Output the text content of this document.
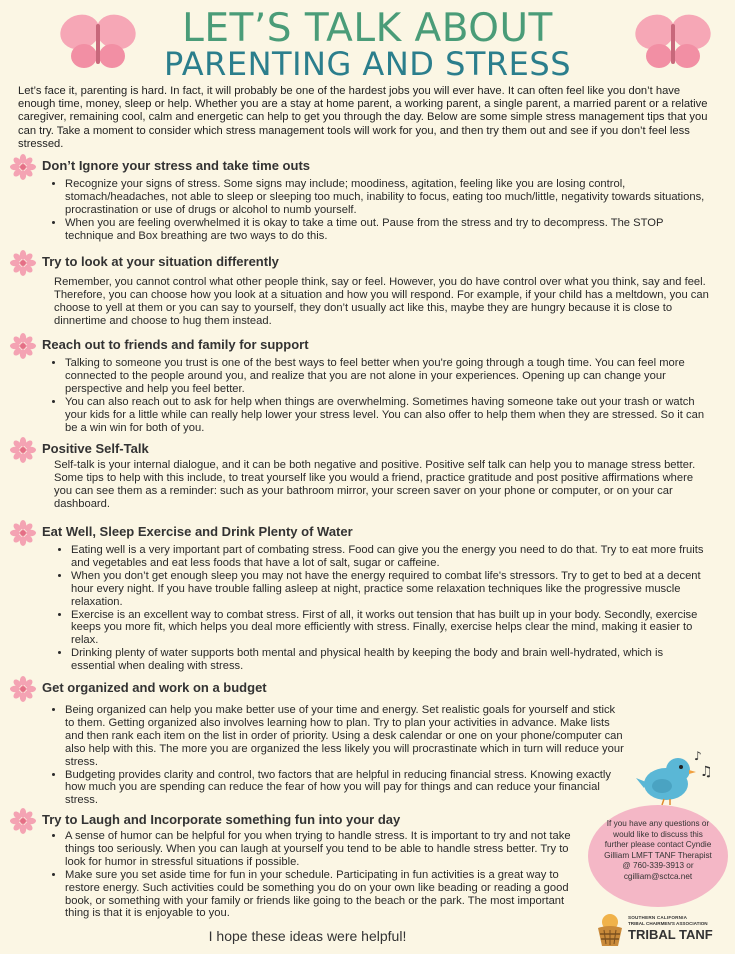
LET’S TALK ABOUT
PARENTING AND STRESS
Let’s face it, parenting is hard. In fact, it will probably be one of the hardest jobs you will ever have. It can often feel like you don’t have enough time, money, sleep or help. Whether you are a stay at home parent, a working parent, a single parent, a married parent or a relative caregiver, remaining cool, calm and energetic can help to get you through the day. Below are some simple stress management tips that you can try. Take a moment to consider which stress management tools will work for you, and then try them out and see if you don’t feel less stressed.
Don’t Ignore your stress and take time outs
• Recognize your signs of stress. Some signs may include; moodiness, agitation, feeling like you are losing control, stomach/headaches, not able to sleep or sleeping too much, inability to focus, eating too much/little, negativity towards situations, procrastination or use of drugs or alcohol to numb yourself.
• When you are feeling overwhelmed it is okay to take a time out. Pause from the stress and try to decompress. The STOP technique and Box breathing are two ways to do this.
Try to look at your situation differently

Remember, you cannot control what other people think, say or feel. However, you do have control over what you think, say and feel. Therefore, you can choose how you look at a situation and how you will respond. For example, if your child has a meltdown, you can choose to yell at them or you can say to yourself, they don’t usually act like this, maybe they are hungry because it is close to dinnertime and choose to hug them instead.

Reach out to friends and family for support
• Talking to someone you trust is one of the best ways to feel better when you're going through a tough time. You can feel more connected to the people around you, and realize that you are not alone in your experiences. Opening up can change your perspective and help you feel better.
• You can also reach out to ask for help when things are overwhelming. Sometimes having someone take out your trash or watch your kids for a little while can really help lower your stress level. You can also offer to help them when they are stressed. So it can be a win win for both of you.
Positive Self-Talk

Self-talk is your internal dialogue, and it can be both negative and positive. Positive self talk can help you to manage stress better. Some tips to help with this include, to treat yourself like you would a friend, practice gratitude and post positive affirmations where you can see them as a reminder: such as your bathroom mirror, your screen saver on your phone or computer, or on your car dashboard.

Eat Well, Sleep Exercise and Drink Plenty of Water
• Eating well is a very important part of combating stress. Food can give you the energy you need to do that. Try to eat more fruits and vegetables and eat less foods that have a lot of salt, sugar or caffeine.
• When you don’t get enough sleep you may not have the energy required to combat life's stressors. Try to get to bed at a decent hour every night. If you have trouble falling asleep at night, practice some relaxation techniques like the progressive muscle relaxation.
• Exercise is an excellent way to combat stress. First of all, it works out tension that has built up in your body. Secondly, exercise keeps you more fit, which helps you deal more efficiently with stress. Finally, exercise helps clear the mind, making it easier to relax.
• Drinking plenty of water supports both mental and physical health by keeping the body and brain well-hydrated, which is essential when dealing with stress.
Get organized and work on a budget
• Being organized can help you make better use of your time and energy. Set realistic goals for yourself and stick to them. Getting organized also involves learning how to plan. Try to plan your activities in advance. Make lists and then rank each item on the list in order of priority. Using a desk calendar or one on your phone/computer can also help with this. The more you are organized the less likely you will procrastinate which in turn will reduce your stress.
• Budgeting provides clarity and control, two factors that are helpful in reducing financial stress. Knowing exactly how much you are spending can reduce the fear of how you will pay for things and can reduce your financial stress.
Try to Laugh and Incorporate something fun into your day
• A sense of humor can be helpful for you when trying to handle stress. It is important to try and not take things too seriously. When you can laugh at yourself you tend to be able to handle stress better. Try to look for humor in stressful situations if possible.
• Make sure you set aside time for fun in your schedule. Participating in fun activities is a great way to restore energy. Such activities could be something you do on your own like beading or reading a good book, or something with your family or friends like going to the beach or the park. The most important thing is that it is enjoyable to you.
♪
♫
If you have any questions or
would like to discuss this
further please contact Cyndie
Gilliam LMFT TANF Therapist
@ 760-339-3913 or
cgilliam@sctca.net
SOUTHERN CALIFORNIA
TRIBAL CHAIRMEN'S ASSOCIATION
TRIBAL TANF
I hope these ideas were helpful!
